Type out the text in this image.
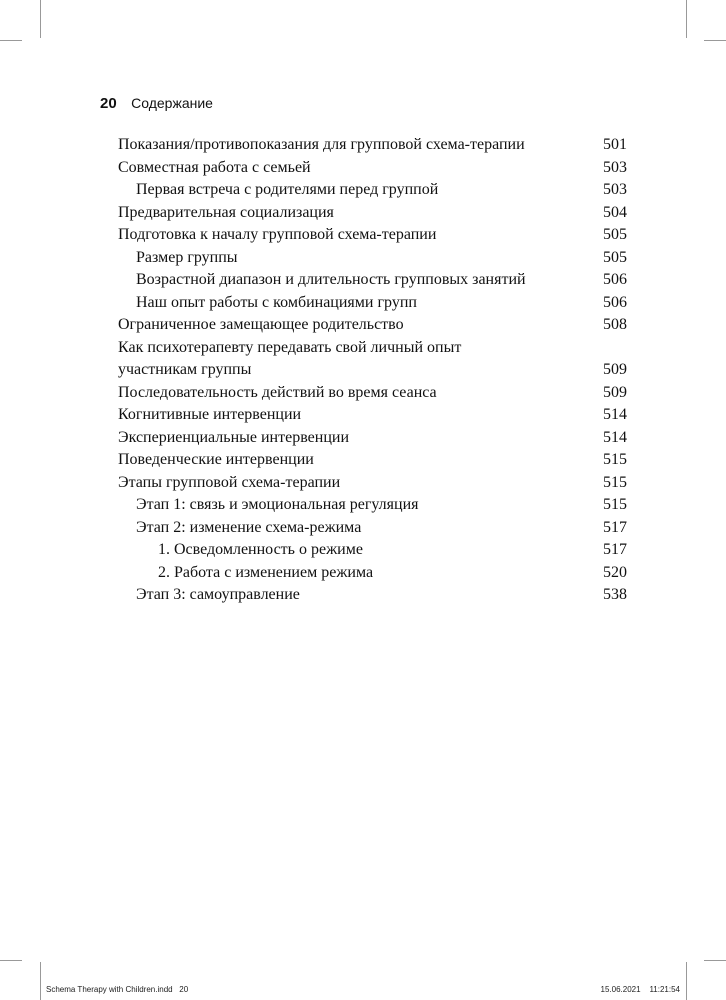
20 Содержание
Показания/противопоказания для групповой схема-терапии	501
Совместная работа с семьей	503
Первая встреча с родителями перед группой	503
Предварительная социализация	504
Подготовка к началу групповой схема-терапии	505
Размер группы	505
Возрастной диапазон и длительность групповых занятий	506
Наш опыт работы с комбинациями групп	506
Ограниченное замещающее родительство	508
Как психотерапевту передавать свой личный опыт
участникам группы	509
Последовательность действий во время сеанса	509
Когнитивные интервенции	514
Экспериенциальные интервенции	514
Поведенческие интервенции	515
Этапы групповой схема-терапии	515
Этап 1: связь и эмоциональная регуляция	515
Этап 2: изменение схема-режима	517
1. Осведомленность о режиме	517
2. Работа с изменением режима	520
Этап 3: самоуправление	538
Schema Therapy with Children.indd 20	15.06.2021 11:21:54
